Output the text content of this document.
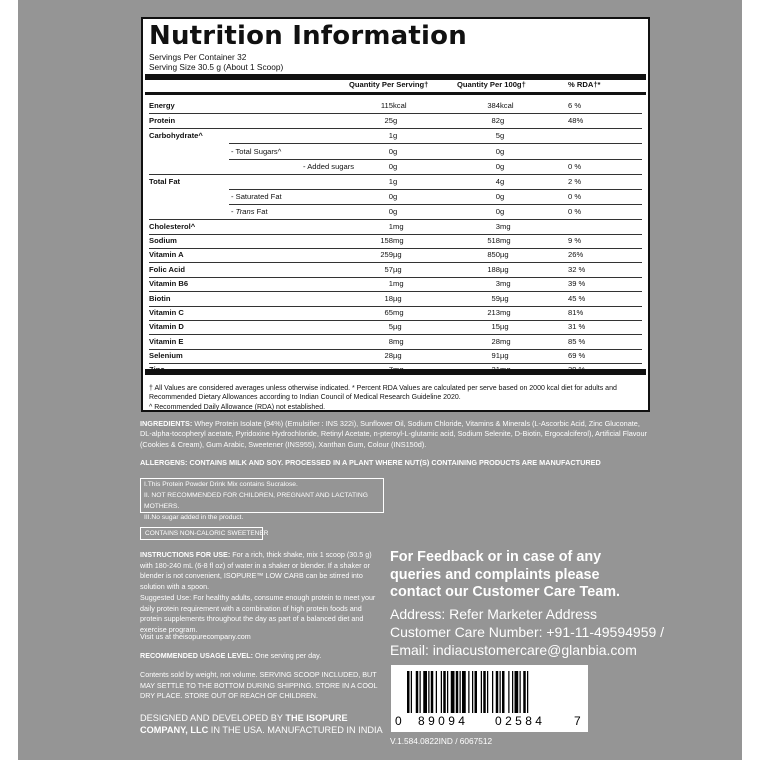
Nutrition Information
Servings Per Container 32
Serving Size 30.5 g (About 1 Scoop)
Quantity Per Serving†	Quantity Per 100g†	% RDA†*
Energy	115 kcal	384 kcal	6 %
Protein	25 g	82 g	48%
Carbohydrate^	1 g	5 g
- Total Sugars^	0 g	0 g
- Added sugars	0 g	0 g	0 %
Total Fat	1 g	4 g	2 %
- Saturated Fat	0 g	0 g	0 %
- Trans Fat	0 g	0 g	0 %
Cholesterol^	1 mg	3 mg
Sodium	158 mg	518 mg	9 %
Vitamin A	259 µg	850 µg	26%
Folic Acid	57 µg	188 µg	32 %
Vitamin B6	1 mg	3 mg	39 %
Biotin	18 µg	59 µg	45 %
Vitamin C	65 mg	213 mg	81%
Vitamin D	5 µg	15 µg	31 %
Vitamin E	8 mg	28 mg	85 %
Selenium	28 µg	91 µg	69 %
† All Values are considered averages unless otherwise indicated. * Percent RDA Values are calculated per serve based on 2000 kcal diet for adults and Recommended Dietary Allowances according to Indian Council of Medical Research Guideline 2020.
^ Recommended Daily Allowance (RDA) not established.
INGREDIENTS: Whey Protein Isolate (94%) (Emulsifier : INS 322i), Sunflower Oil, Sodium Chloride, Vitamins & Minerals (L-Ascorbic Acid, Zinc Gluconate, DL-alpha-tocopheryl acetate, Pyridoxine Hydrochloride, Retinyl Acetate, n-pteroyl-L-glutamic acid, Sodium Selenite, D-Biotin, Ergocalciferol), Artificial Flavour (Cookies & Cream), Gum Arabic, Sweetener (INS955), Xanthan Gum, Colour (INS150d).
ALLERGENS: CONTAINS MILK AND SOY. PROCESSED IN A PLANT WHERE NUT(S) CONTAINING PRODUCTS ARE MANUFACTURED
I.This Protein Powder Drink Mix contains Sucralose.
II. NOT RECOMMENDED FOR CHILDREN, PREGNANT AND LACTATING MOTHERS.
III.No sugar added in the product.
CONTAINS NON-CALORIC SWEETENER
INSTRUCTIONS FOR USE: For a rich, thick shake, mix 1 scoop (30.5 g) with 180-240 mL (6-8 fl oz) of water in a shaker or blender. If a shaker or blender is not convenient, ISOPURE™ LOW CARB can be stirred into solution with a spoon.
Suggested Use: For healthy adults, consume enough protein to meet your daily protein requirement with a combination of high protein foods and protein supplements throughout the day as part of a balanced diet and exercise program.
Visit us at theisopurecompany.com
RECOMMENDED USAGE LEVEL: One serving per day.
Contents sold by weight, not volume. SERVING SCOOP INCLUDED, BUT MAY SETTLE TO THE BOTTOM DURING SHIPPING. STORE IN A COOL DRY PLACE. STORE OUT OF REACH OF CHILDREN.
DESIGNED AND DEVELOPED BY THE ISOPURE COMPANY, LLC IN THE USA. MANUFACTURED IN INDIA
For Feedback or in case of any queries and complaints please contact our Customer Care Team.
Address: Refer Marketer Address
Customer Care Number: +91-11-49594959 /
Email: indiacustomercare@glanbia.com
0 89094 02584 7
V.1.584.0822IND / 6067512
